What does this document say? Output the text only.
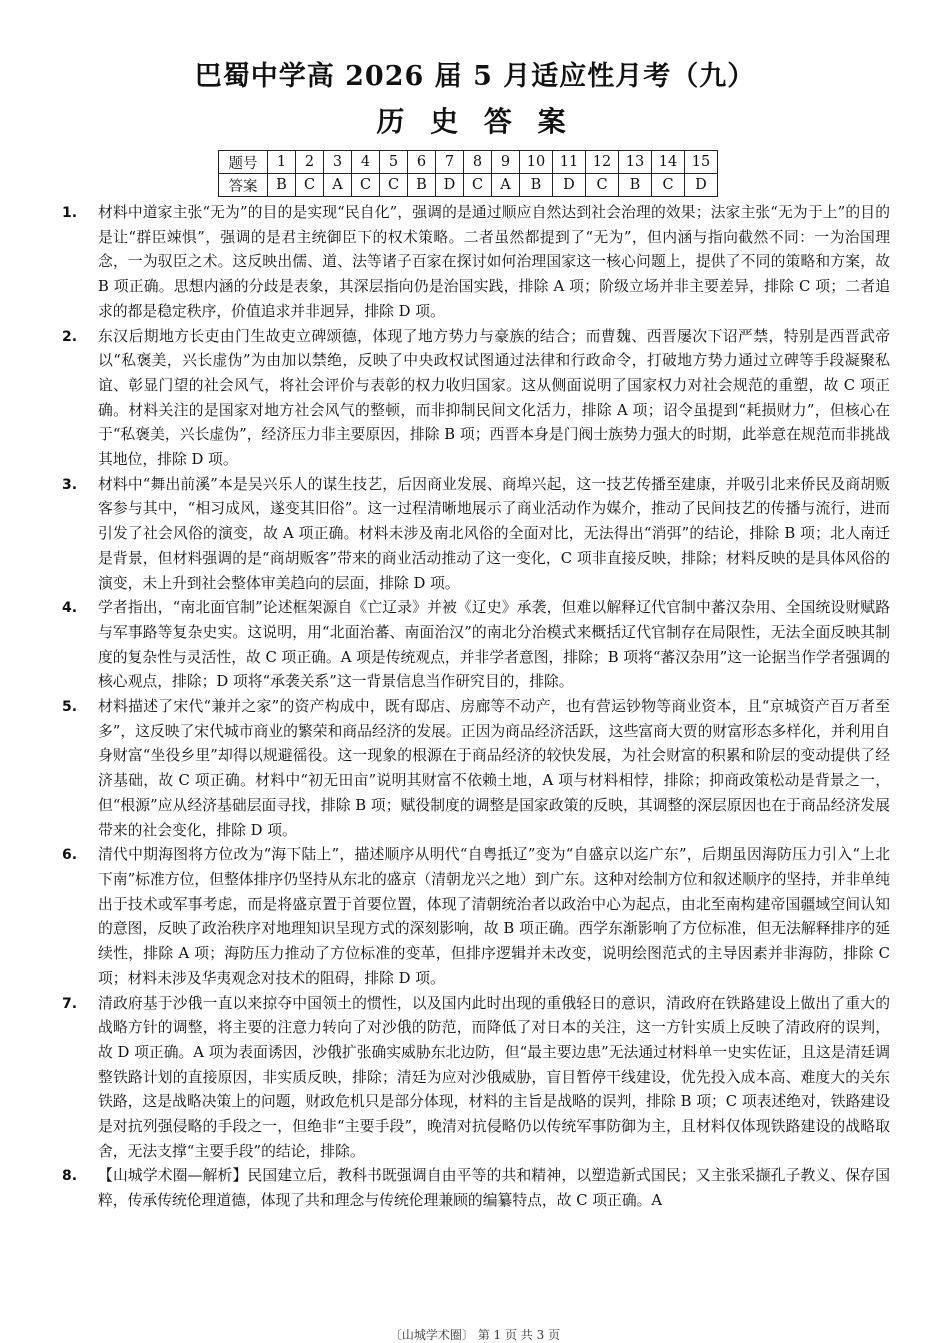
巴蜀中学高 2026 届 5 月适应性月考（九）
历 史 答 案
题号	1	2	3	4	5	6	7	8	9	10	11	12	13	14	15
答案	B	C	A	C	C	B	D	C	A	B	D	C	B	C	D
1. 材料中道家主张“无为”的目的是实现“民自化”，强调的是通过顺应自然达到社会治理的效果；法家主张“无为于上”的目的是让“群臣竦惧”，强调的是君主统御臣下的权术策略。二者虽然都提到了“无为”，但内涵与指向截然不同：一为治国理念，一为驭臣之术。这反映出儒、道、法等诸子百家在探讨如何治理国家这一核心问题上，提供了不同的策略和方案，故 B 项正确。思想内涵的分歧是表象，其深层指向仍是治国实践，排除 A 项；阶级立场并非主要差异，排除 C 项；二者追求的都是稳定秩序，价值追求并非迥异，排除 D 项。
2. 东汉后期地方长吏由门生故吏立碑颂德，体现了地方势力与豪族的结合；而曹魏、西晋屡次下诏严禁，特别是西晋武帝以“私褒美，兴长虚伪”为由加以禁绝，反映了中央政权试图通过法律和行政命令，打破地方势力通过立碑等手段凝聚私谊、彰显门望的社会风气，将社会评价与表彰的权力收归国家。这从侧面说明了国家权力对社会规范的重塑，故 C 项正确。材料关注的是国家对地方社会风气的整顿，而非抑制民间文化活力，排除 A 项；诏令虽提到“耗损财力”，但核心在于“私褒美，兴长虚伪”，经济压力非主要原因，排除 B 项；西晋本身是门阀士族势力强大的时期，此举意在规范而非挑战其地位，排除 D 项。
3. 材料中“舞出前溪”本是吴兴乐人的谋生技艺，后因商业发展、商埠兴起，这一技艺传播至建康，并吸引北来侨民及商胡贩客参与其中，“相习成风，遂变其旧俗”。这一过程清晰地展示了商业活动作为媒介，推动了民间技艺的传播与流行，进而引发了社会风俗的演变，故 A 项正确。材料未涉及南北风俗的全面对比，无法得出“消弭”的结论，排除 B 项；北人南迁是背景，但材料强调的是“商胡贩客”带来的商业活动推动了这一变化，C 项非直接反映，排除；材料反映的是具体风俗的演变，未上升到社会整体审美趋向的层面，排除 D 项。
4. 学者指出，“南北面官制”论述框架源自《亡辽录》并被《辽史》承袭，但难以解释辽代官制中蕃汉杂用、全国统设财赋路与军事路等复杂史实。这说明，用“北面治蕃、南面治汉”的南北分治模式来概括辽代官制存在局限性，无法全面反映其制度的复杂性与灵活性，故 C 项正确。A 项是传统观点，并非学者意图，排除；B 项将“蕃汉杂用”这一论据当作学者强调的核心观点，排除；D 项将“承袭关系”这一背景信息当作研究目的，排除。
5. 材料描述了宋代“兼并之家”的资产构成中，既有邸店、房廊等不动产，也有营运钞物等商业资本，且“京城资产百万者至多”，这反映了宋代城市商业的繁荣和商品经济的发展。正因为商品经济活跃，这些富商大贾的财富形态多样化，并利用自身财富“坐役乡里”却得以规避徭役。这一现象的根源在于商品经济的较快发展，为社会财富的积累和阶层的变动提供了经济基础，故 C 项正确。材料中“初无田亩”说明其财富不依赖土地，A 项与材料相悖，排除；抑商政策松动是背景之一，但“根源”应从经济基础层面寻找，排除 B 项；赋役制度的调整是国家政策的反映，其调整的深层原因也在于商品经济发展带来的社会变化，排除 D 项。
6. 清代中期海图将方位改为“海下陆上”，描述顺序从明代“自粤抵辽”变为“自盛京以迄广东”，后期虽因海防压力引入“上北下南”标准方位，但整体排序仍坚持从东北的盛京（清朝龙兴之地）到广东。这种对绘制方位和叙述顺序的坚持，并非单纯出于技术或军事考虑，而是将盛京置于首要位置，体现了清朝统治者以政治中心为起点，由北至南构建帝国疆域空间认知的意图，反映了政治秩序对地理知识呈现方式的深刻影响，故 B 项正确。西学东渐影响了方位标准，但无法解释排序的延续性，排除 A 项；海防压力推动了方位标准的变革，但排序逻辑并未改变，说明绘图范式的主导因素并非海防，排除 C 项；材料未涉及华夷观念对技术的阻碍，排除 D 项。
7. 清政府基于沙俄一直以来掠夺中国领土的惯性，以及国内此时出现的重俄轻日的意识，清政府在铁路建设上做出了重大的战略方针的调整，将主要的注意力转向了对沙俄的防范，而降低了对日本的关注，这一方针实质上反映了清政府的误判，故 D 项正确。A 项为表面诱因，沙俄扩张确实威胁东北边防，但“最主要边患”无法通过材料单一史实佐证，且这是清廷调整铁路计划的直接原因，非实质反映，排除；清廷为应对沙俄威胁，盲目暂停干线建设，优先投入成本高、难度大的关东铁路，这是战略决策上的问题，财政危机只是部分体现，材料的主旨是战略的误判，排除 B 项；C 项表述绝对，铁路建设是对抗列强侵略的手段之一，但绝非“主要手段”，晚清对抗侵略仍以传统军事防御为主，且材料仅体现铁路建设的战略取舍，无法支撑“主要手段”的结论，排除。
8. 【山城学术圈—解析】民国建立后，教科书既强调自由平等的共和精神，以塑造新式国民；又主张采撷孔子教义、保存国粹，传承传统伦理道德，体现了共和理念与传统伦理兼顾的编纂特点，故 C 项正确。A
〔山城学术圈〕 第 1 页 共 3 页
